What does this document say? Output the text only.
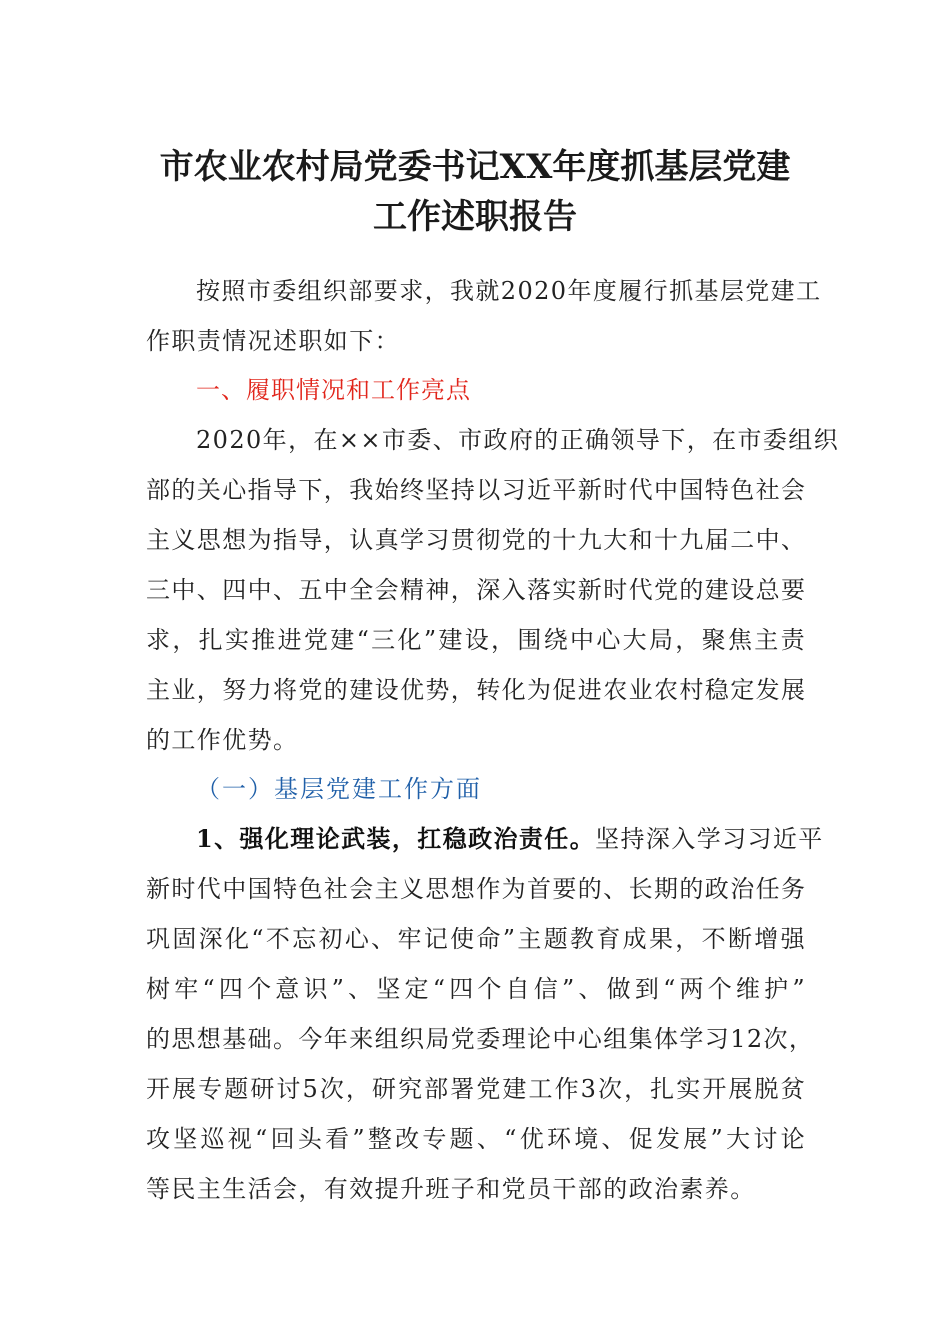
市农业农村局党委书记XX年度抓基层党建
工作述职报告
按照市委组织部要求，我就2020年度履行抓基层党建工
作职责情况述职如下：
一、履职情况和工作亮点
2020年，在××市委、市政府的正确领导下，在市委组织
部的关心指导下，我始终坚持以习近平新时代中国特色社会
主义思想为指导，认真学习贯彻党的十九大和十九届二中、
三中、四中、五中全会精神，深入落实新时代党的建设总要
求，扎实推进党建“三化”建设，围绕中心大局，聚焦主责
主业，努力将党的建设优势，转化为促进农业农村稳定发展
的工作优势。
（一）基层党建工作方面
1、强化理论武装，扛稳政治责任。坚持深入学习习近平
新时代中国特色社会主义思想作为首要的、长期的政治任务
巩固深化“不忘初心、牢记使命”主题教育成果，不断增强
树牢“四个意识”、坚定“四个自信”、做到“两个维护”
的思想基础。今年来组织局党委理论中心组集体学习12次，
开展专题研讨5次，研究部署党建工作3次，扎实开展脱贫
攻坚巡视“回头看”整改专题、“优环境、促发展”大讨论
等民主生活会，有效提升班子和党员干部的政治素养。
